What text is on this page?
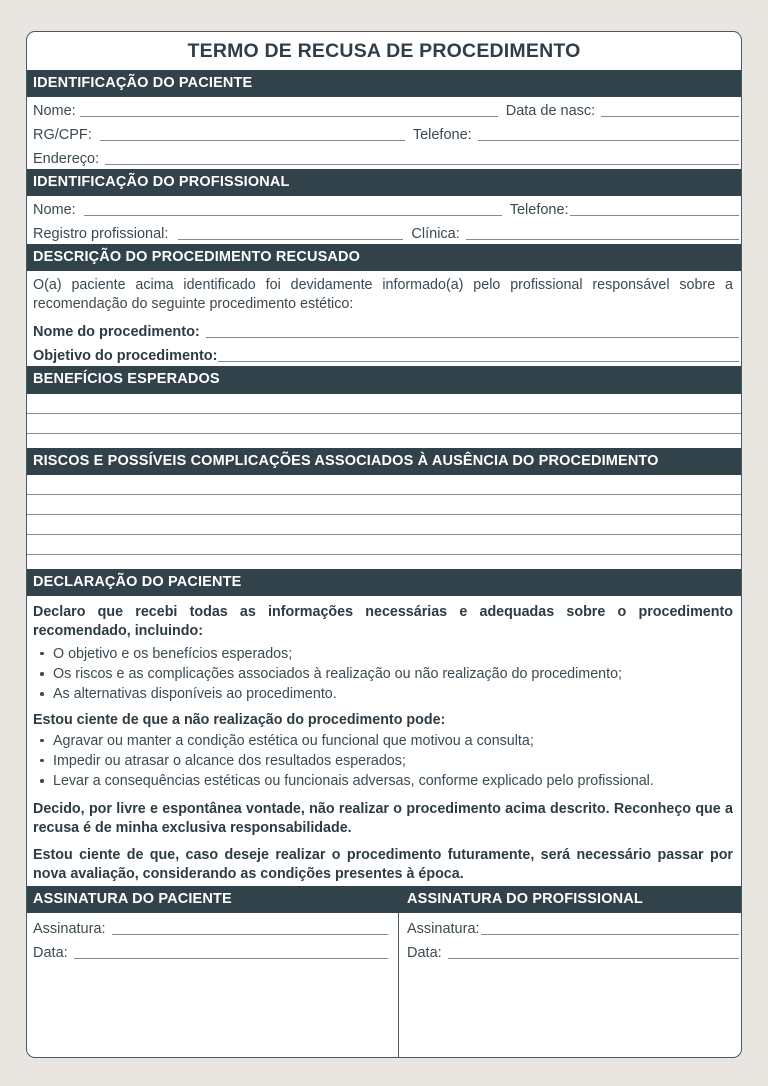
TERMO DE RECUSA DE PROCEDIMENTO
IDENTIFICAÇÃO DO PACIENTE
Nome:	Data de nasc:
RG/CPF:	Telefone:
Endereço:
IDENTIFICAÇÃO DO PROFISSIONAL
Nome:	Telefone:
Registro profissional:	Clínica:
DESCRIÇÃO DO PROCEDIMENTO RECUSADO
O(a) paciente acima identificado foi devidamente informado(a) pelo profissional responsável sobre a recomendação do seguinte procedimento estético:
Nome do procedimento:
Objetivo do procedimento:
BENEFÍCIOS ESPERADOS
RISCOS E POSSÍVEIS COMPLICAÇÕES ASSOCIADOS À AUSÊNCIA DO PROCEDIMENTO
DECLARAÇÃO DO PACIENTE
Declaro que recebi todas as informações necessárias e adequadas sobre o procedimento recomendado, incluindo:
O objetivo e os benefícios esperados;
Os riscos e as complicações associados à realização ou não realização do procedimento;
As alternativas disponíveis ao procedimento.
Estou ciente de que a não realização do procedimento pode:
Agravar ou manter a condição estética ou funcional que motivou a consulta;
Impedir ou atrasar o alcance dos resultados esperados;
Levar a consequências estéticas ou funcionais adversas, conforme explicado pelo profissional.
Decido, por livre e espontânea vontade, não realizar o procedimento acima descrito. Reconheço que a recusa é de minha exclusiva responsabilidade.
Estou ciente de que, caso deseje realizar o procedimento futuramente, será necessário passar por nova avaliação, considerando as condições presentes à época.
ASSINATURA DO PACIENTE	ASSINATURA DO PROFISSIONAL
Assinatura:
Data:
Assinatura:
Data:
